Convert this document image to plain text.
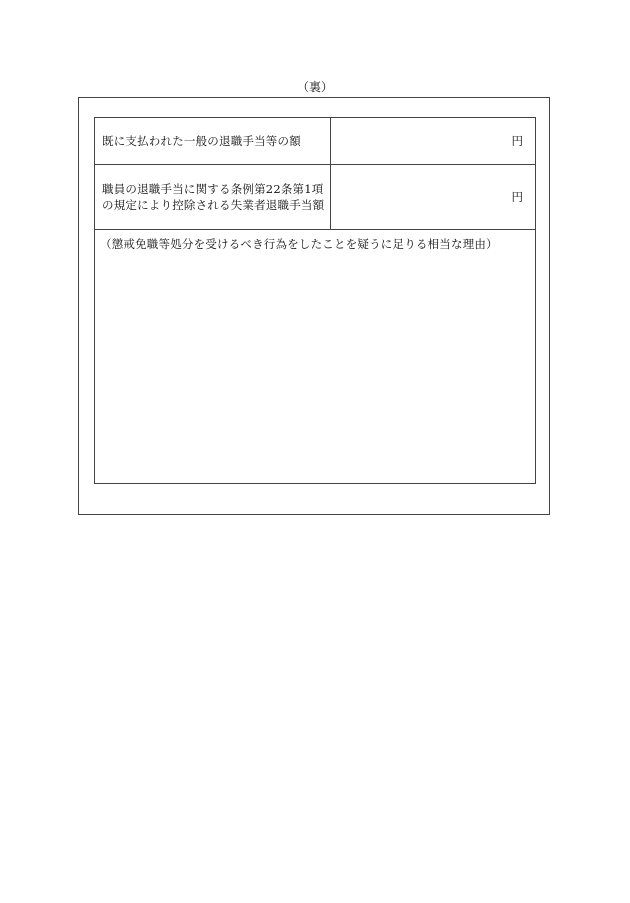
（裏）
既に支払われた一般の退職手当等の額	円
職員の退職手当に関する条例第22条第1項
の規定により控除される失業者退職手当額
円
（懲戒免職等処分を受けるべき行為をしたことを疑うに足りる相当な理由）
